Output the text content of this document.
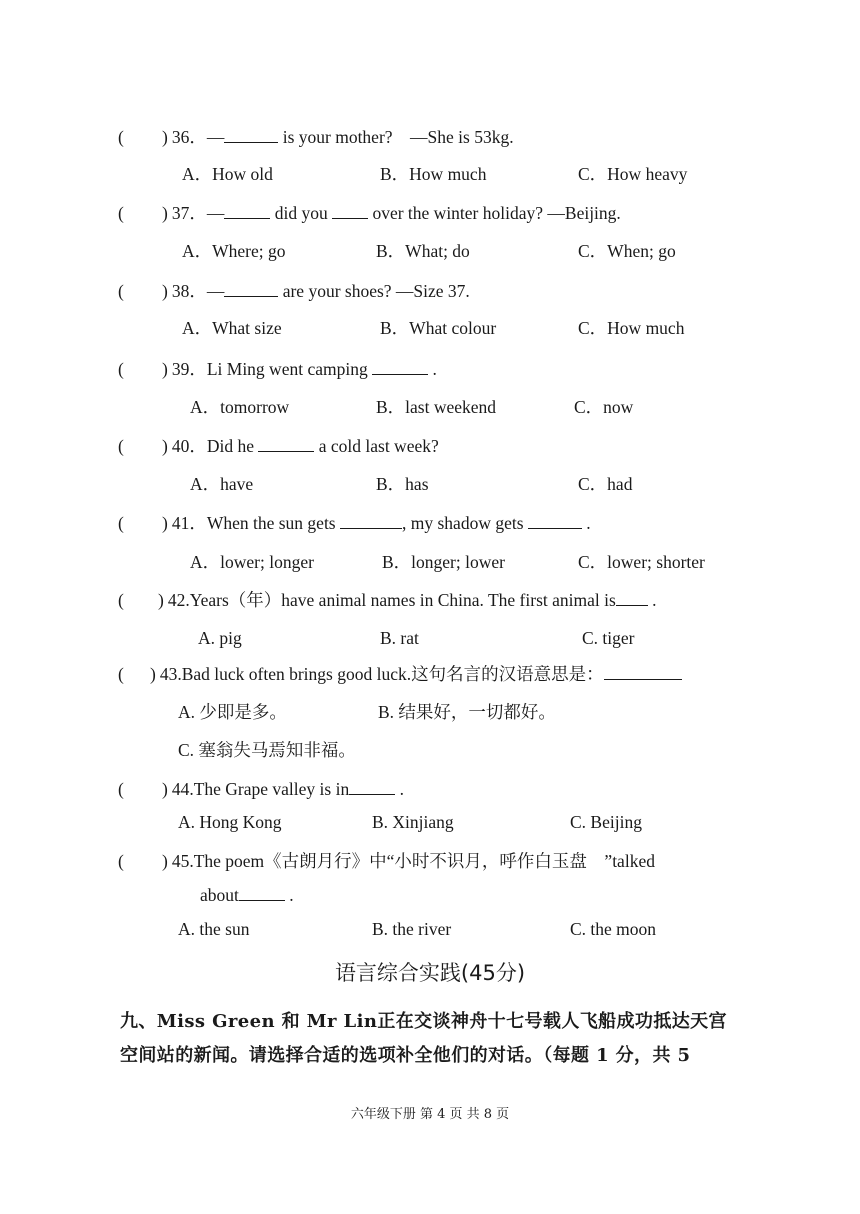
( ) 36．—	is your mother?　—She is 53kg.
A．How old	B．How much	C．How heavy
( ) 37．—	did you  over the winter holiday? —Beijing.
A．Where; go	B．What; do	C．When; go
( ) 38．—	are your shoes? —Size 37.
A．What size	B．What colour	C．How much
( ) 39．Li Ming went camping	.
A．tomorrow	B．last weekend	C．now
( ) 40．Did he	a cold last week?
A．have	B．has	C．had
( ) 41．When the sun gets	, my shadow gets	.
A．lower; longer	B．longer; lower	C．lower; shorter
( ) 42.Years（年）have animal names in China. The first animal is .
A. pig	B. rat	C. tiger
( ) 43.Bad luck often brings good luck.这句名言的汉语意思是：
A. 少即是多。	B. 结果好，一切都好。
C. 塞翁失马焉知非福。
( ) 44.The Grape valley is in	.
A. Hong Kong	B. Xinjiang	C. Beijing
( ) 45.The poem《古朗月行》中“小时不识月，呼作白玉盘　”talked
about	.
A. the sun	B. the river	C. the moon
语言综合实践(45分)
九、Miss Green 和 Mr Lin正在交谈神舟十七号载人飞船成功抵达天宫
空间站的新闻。请选择合适的选项补全他们的对话。（每题 1 分，共 5
六年级下册 第 4 页 共 8 页
